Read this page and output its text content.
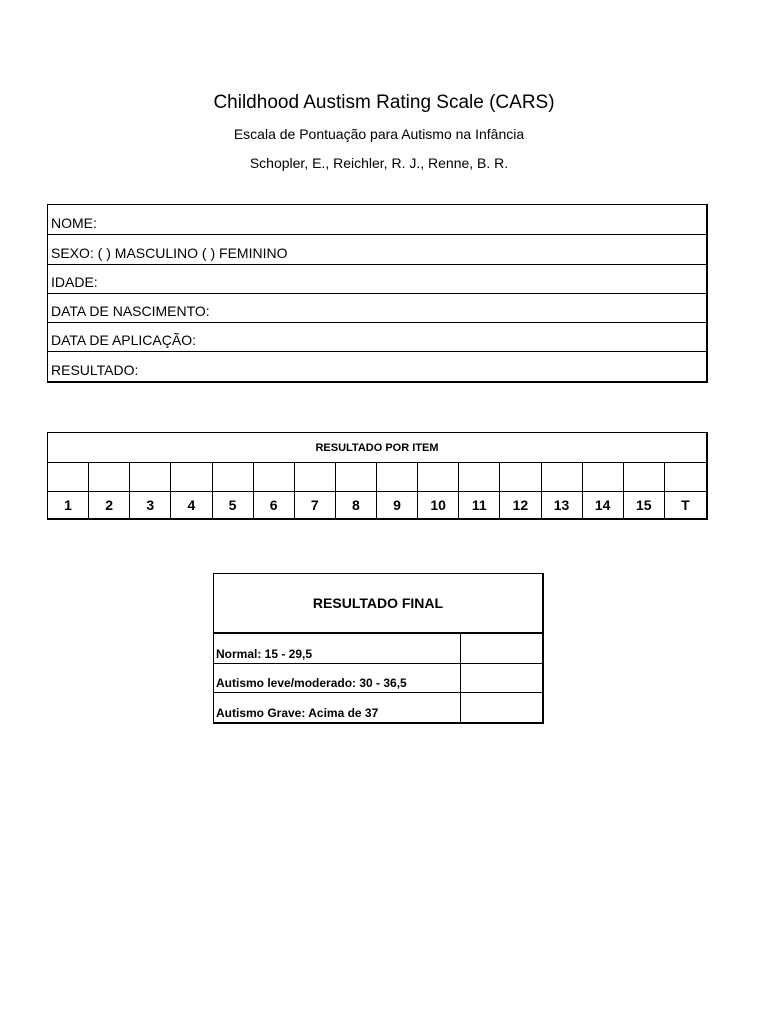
Childhood Austism Rating Scale (CARS)
Escala de Pontuação para Autismo na Infância
Schopler, E., Reichler, R. J., Renne, B. R.
NOME:
SEXO: ( ) MASCULINO ( ) FEMININO
IDADE:
DATA DE NASCIMENTO:
DATA DE APLICAÇÃO:
RESULTADO:
RESULTADO POR ITEM
1	2	3	4	5	6	7	8	9	10	11	12	13	14	15	T
RESULTADO FINAL
Normal: 15 - 29,5
Autismo leve/moderado: 30 - 36,5
Autismo Grave: Acima de 37
